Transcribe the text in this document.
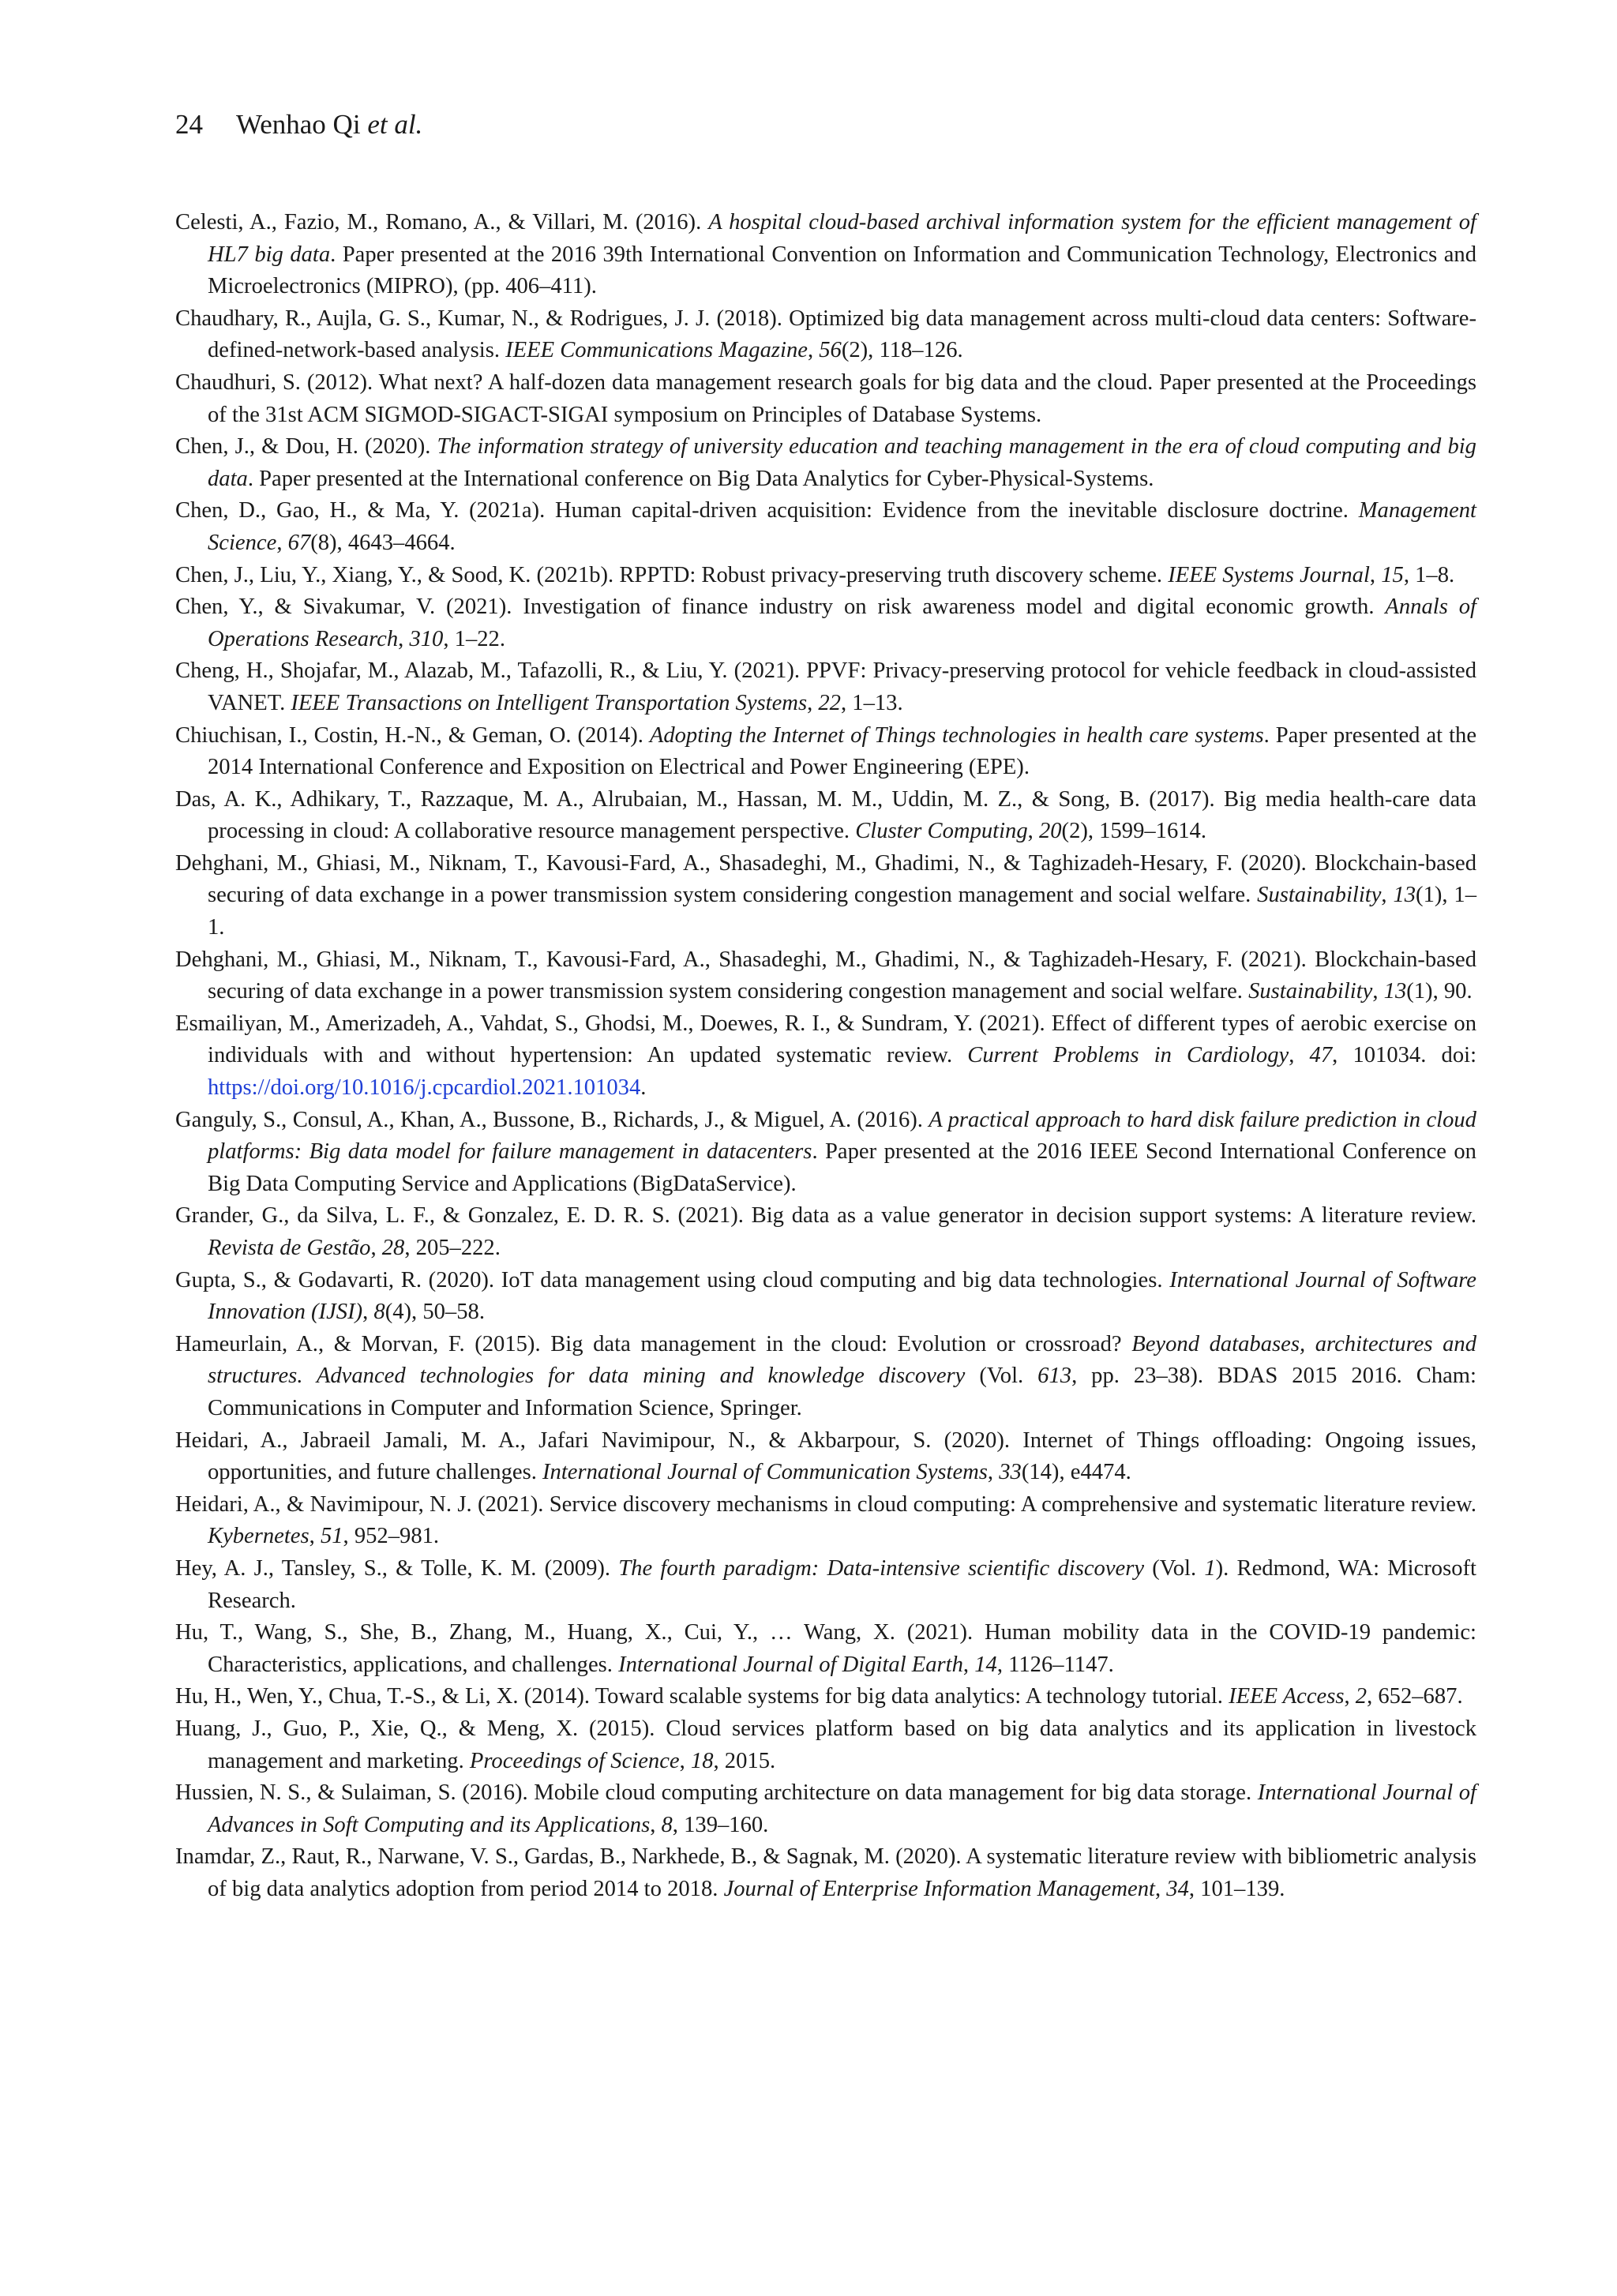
24 Wenhao Qi et al.
Celesti, A., Fazio, M., Romano, A., & Villari, M. (2016). A hospital cloud-based archival information system for the efficient management of HL7 big data. Paper presented at the 2016 39th International Convention on Information and Communication Technology, Electronics and Microelectronics (MIPRO), (pp. 406–411).
Chaudhary, R., Aujla, G. S., Kumar, N., & Rodrigues, J. J. (2018). Optimized big data management across multi-cloud data centers: Software-defined-network-based analysis. IEEE Communications Magazine, 56(2), 118–126.
Chaudhuri, S. (2012). What next? A half-dozen data management research goals for big data and the cloud. Paper presented at the Proceedings of the 31st ACM SIGMOD-SIGACT-SIGAI symposium on Principles of Database Systems.
Chen, J., & Dou, H. (2020). The information strategy of university education and teaching management in the era of cloud computing and big data. Paper presented at the International conference on Big Data Analytics for Cyber-Physical-Systems.
Chen, D., Gao, H., & Ma, Y. (2021a). Human capital-driven acquisition: Evidence from the inevitable disclosure doctrine. Management Science, 67(8), 4643–4664.
Chen, J., Liu, Y., Xiang, Y., & Sood, K. (2021b). RPPTD: Robust privacy-preserving truth discovery scheme. IEEE Systems Journal, 15, 1–8.
Chen, Y., & Sivakumar, V. (2021). Investigation of finance industry on risk awareness model and digital economic growth. Annals of Operations Research, 310, 1–22.
Cheng, H., Shojafar, M., Alazab, M., Tafazolli, R., & Liu, Y. (2021). PPVF: Privacy-preserving protocol for vehicle feedback in cloud-assisted VANET. IEEE Transactions on Intelligent Transportation Systems, 22, 1–13.
Chiuchisan, I., Costin, H.-N., & Geman, O. (2014). Adopting the Internet of Things technologies in health care systems. Paper presented at the 2014 International Conference and Exposition on Electrical and Power Engineering (EPE).
Das, A. K., Adhikary, T., Razzaque, M. A., Alrubaian, M., Hassan, M. M., Uddin, M. Z., & Song, B. (2017). Big media health-care data processing in cloud: A collaborative resource management perspective. Cluster Computing, 20(2), 1599–1614.
Dehghani, M., Ghiasi, M., Niknam, T., Kavousi-Fard, A., Shasadeghi, M., Ghadimi, N., & Taghizadeh-Hesary, F. (2020). Blockchain-based securing of data exchange in a power transmission system considering congestion management and social welfare. Sustainability, 13(1), 1–1.
Dehghani, M., Ghiasi, M., Niknam, T., Kavousi-Fard, A., Shasadeghi, M., Ghadimi, N., & Taghizadeh-Hesary, F. (2021). Blockchain-based securing of data exchange in a power transmission system considering congestion management and social welfare. Sustainability, 13(1), 90.
Esmailiyan, M., Amerizadeh, A., Vahdat, S., Ghodsi, M., Doewes, R. I., & Sundram, Y. (2021). Effect of different types of aerobic exercise on individuals with and without hypertension: An updated systematic review. Current Problems in Cardiology, 47, 101034. doi: https://doi.org/10.1016/j.cpcardiol.2021.101034.
Ganguly, S., Consul, A., Khan, A., Bussone, B., Richards, J., & Miguel, A. (2016). A practical approach to hard disk failure prediction in cloud platforms: Big data model for failure management in datacenters. Paper presented at the 2016 IEEE Second International Conference on Big Data Computing Service and Applications (BigDataService).
Grander, G., da Silva, L. F., & Gonzalez, E. D. R. S. (2021). Big data as a value generator in decision support systems: A literature review. Revista de Gestão, 28, 205–222.
Gupta, S., & Godavarti, R. (2020). IoT data management using cloud computing and big data technologies. International Journal of Software Innovation (IJSI), 8(4), 50–58.
Hameurlain, A., & Morvan, F. (2015). Big data management in the cloud: Evolution or crossroad? Beyond databases, architectures and structures. Advanced technologies for data mining and knowledge discovery (Vol. 613, pp. 23–38). BDAS 2015 2016. Cham: Communications in Computer and Information Science, Springer.
Heidari, A., Jabraeil Jamali, M. A., Jafari Navimipour, N., & Akbarpour, S. (2020). Internet of Things offloading: Ongoing issues, opportunities, and future challenges. International Journal of Communication Systems, 33(14), e4474.
Heidari, A., & Navimipour, N. J. (2021). Service discovery mechanisms in cloud computing: A comprehensive and systematic literature review. Kybernetes, 51, 952–981.
Hey, A. J., Tansley, S., & Tolle, K. M. (2009). The fourth paradigm: Data-intensive scientific discovery (Vol. 1). Redmond, WA: Microsoft Research.
Hu, T., Wang, S., She, B., Zhang, M., Huang, X., Cui, Y., … Wang, X. (2021). Human mobility data in the COVID-19 pandemic: Characteristics, applications, and challenges. International Journal of Digital Earth, 14, 1126–1147.
Hu, H., Wen, Y., Chua, T.-S., & Li, X. (2014). Toward scalable systems for big data analytics: A technology tutorial. IEEE Access, 2, 652–687.
Huang, J., Guo, P., Xie, Q., & Meng, X. (2015). Cloud services platform based on big data analytics and its application in livestock management and marketing. Proceedings of Science, 18, 2015.
Hussien, N. S., & Sulaiman, S. (2016). Mobile cloud computing architecture on data management for big data storage. International Journal of Advances in Soft Computing and its Applications, 8, 139–160.
Inamdar, Z., Raut, R., Narwane, V. S., Gardas, B., Narkhede, B., & Sagnak, M. (2020). A systematic literature review with bibliometric analysis of big data analytics adoption from period 2014 to 2018. Journal of Enterprise Information Management, 34, 101–139.
